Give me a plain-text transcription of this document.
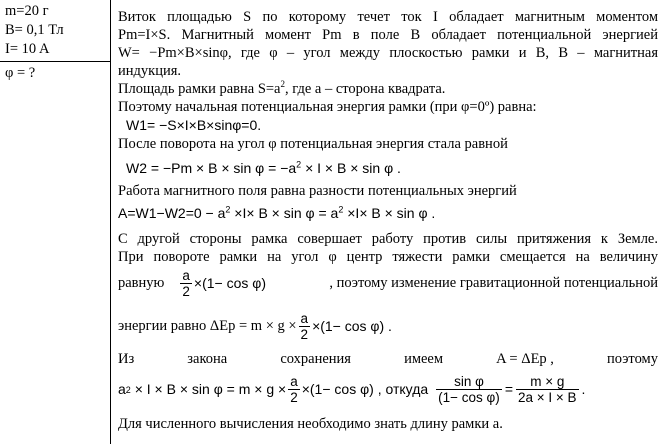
m=20 г
B= 0,1 Тл
I= 10 A
φ = ?
Виток площадью S по которому течет ток I обладает магнитным моментом
Pm=I×S. Магнитный момент Pm в поле B обладает потенциальной энергией
W= −Pm×B×sinφ, где φ – угол между плоскостью рамки и B, B – магнитная
индукция.
Площадь рамки равна $S=a^2$, где a – сторона квадрата.
Поэтому начальная потенциальная энергия рамки (при φ=0º) равна:
W1= −S×I×B×sinφ=0.
После поворота на угол φ потенциальная энергия стала равной
$W2 = -Pm \times B \times \sin \varphi = -a^2 \times I \times B \times \sin \varphi$ .
Работа магнитного поля равна разности потенциальных энергий
$A=W1-W2=0 - a^2 \times I\times B \times \sin \varphi = a^2 \times I\times B \times \sin \varphi$ .
С другой стороны рамка совершает работу против силы притяжения к Земле.
При повороте рамки на угол φ центр тяжести рамки смещается на величину
равную $\frac{a}{2} \times(1- \cos \varphi)$	, поэтому изменение гравитационной потенциальной
энергии равно $\Delta Ep = m \times g \times \frac{a}{2} \times(1- \cos \varphi)$ .
Из	закона	сохранения	имеем	A = ΔEp ,	поэтому
a $2 \times I \times B \times \sin \varphi = m \times g \times \frac{a}{2} \times(1- \cos \varphi)$ , откуда $\frac{\text{sin φ}}{\text{(1− cos φ)}} = \frac{m \times g}{2a \times I \times B}$ .
Для численного вычисления необходимо знать длину рамки a.
